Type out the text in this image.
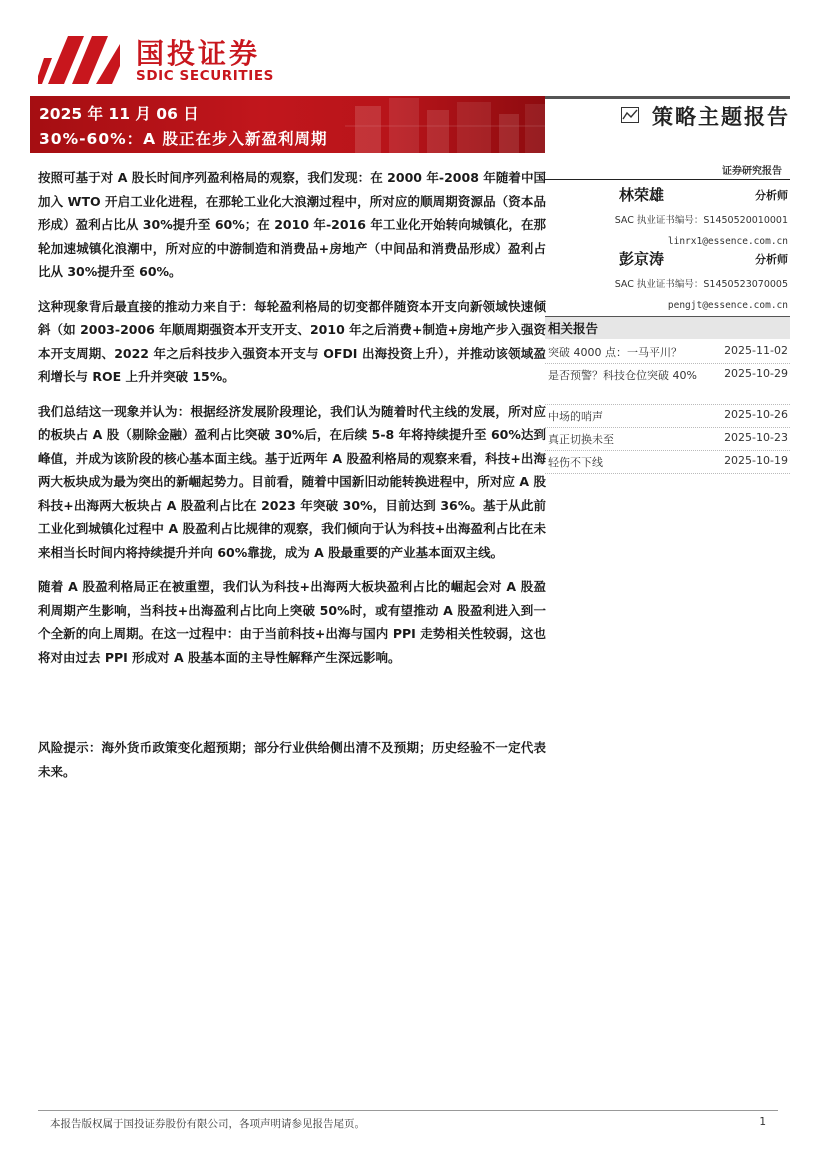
国投证券
SDIC SECURITIES
2025 年 11 月 06 日
30%-60%：A 股正在步入新盈利周期
策略主题报告
证券研究报告
林荣雄	分析师
SAC 执业证书编号：S1450520010001
linrx1@essence.com.cn
彭京涛	分析师
SAC 执业证书编号：S1450523070005
pengjt@essence.com.cn
相关报告
突破 4000 点：一马平川？	2025-11-02
是否预警？科技仓位突破 40%	2025-10-29
中场的哨声	2025-10-26
真正切换未至	2025-10-23
轻伤不下线	2025-10-19

按照可基于对 A 股长时间序列盈利格局的观察，我们发现：在 2000 年-2008 年随着中国加入 WTO 开启工业化进程，在那轮工业化大浪潮过程中，所对应的顺周期资源品（资本品形成）盈利占比从 30%提升至 60%；在 2010 年-2016 年工业化开始转向城镇化，在那轮加速城镇化浪潮中，所对应的中游制造和消费品+房地产（中间品和消费品形成）盈利占比从 30%提升至 60%。

这种现象背后最直接的推动力来自于：每轮盈利格局的切变都伴随资本开支向新领域快速倾斜（如 2003-2006 年顺周期强资本开支开支、2010 年之后消费+制造+房地产步入强资本开支周期、2022 年之后科技步入强资本开支与 OFDI 出海投资上升），并推动该领域盈利增长与 ROE 上升并突破 15%。

我们总结这一现象并认为：根据经济发展阶段理论，我们认为随着时代主线的发展，所对应的板块占 A 股（剔除金融）盈利占比突破 30%后，在后续 5-8 年将持续提升至 60%达到峰值，并成为该阶段的核心基本面主线。基于近两年 A 股盈利格局的观察来看，科技+出海两大板块成为最为突出的新崛起势力。目前看，随着中国新旧动能转换进程中，所对应 A 股科技+出海两大板块占 A 股盈利占比在 2023 年突破 30%，目前达到 36%。基于从此前工业化到城镇化过程中 A 股盈利占比规律的观察，我们倾向于认为科技+出海盈利占比在未来相当长时间内将持续提升并向 60%靠拢，成为 A 股最重要的产业基本面双主线。

随着 A 股盈利格局正在被重塑，我们认为科技+出海两大板块盈利占比的崛起会对 A 股盈利周期产生影响，当科技+出海盈利占比向上突破 50%时，或有望推动 A 股盈利进入到一个全新的向上周期。在这一过程中：由于当前科技+出海与国内 PPI 走势相关性较弱，这也将对由过去 PPI 形成对 A 股基本面的主导性解释产生深远影响。

风险提示：海外货币政策变化超预期；部分行业供给侧出清不及预期；历史经验不一定代表未来。

本报告版权属于国投证券股份有限公司，各项声明请参见报告尾页。	1
